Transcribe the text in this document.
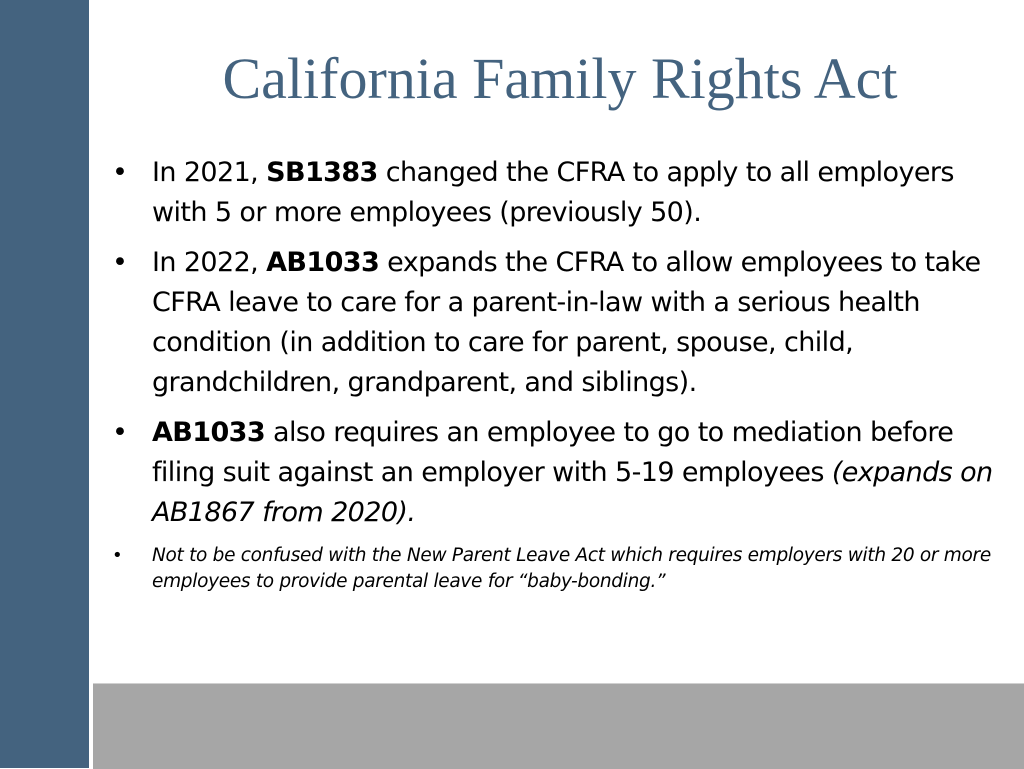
California Family Rights Act
• In 2021, SB1383 changed the CFRA to apply to all employers with 5 or more employees (previously 50).
• In 2022, AB1033 expands the CFRA to allow employees to take CFRA leave to care for a parent-in-law with a serious health condition (in addition to care for parent, spouse, child, grandchildren, grandparent, and siblings).
• AB1033 also requires an employee to go to mediation before filing suit against an employer with 5-19 employees (expands on AB1867 from 2020).
• Not to be confused with the New Parent Leave Act which requires employers with 20 or more employees to provide parental leave for “baby-bonding.”
